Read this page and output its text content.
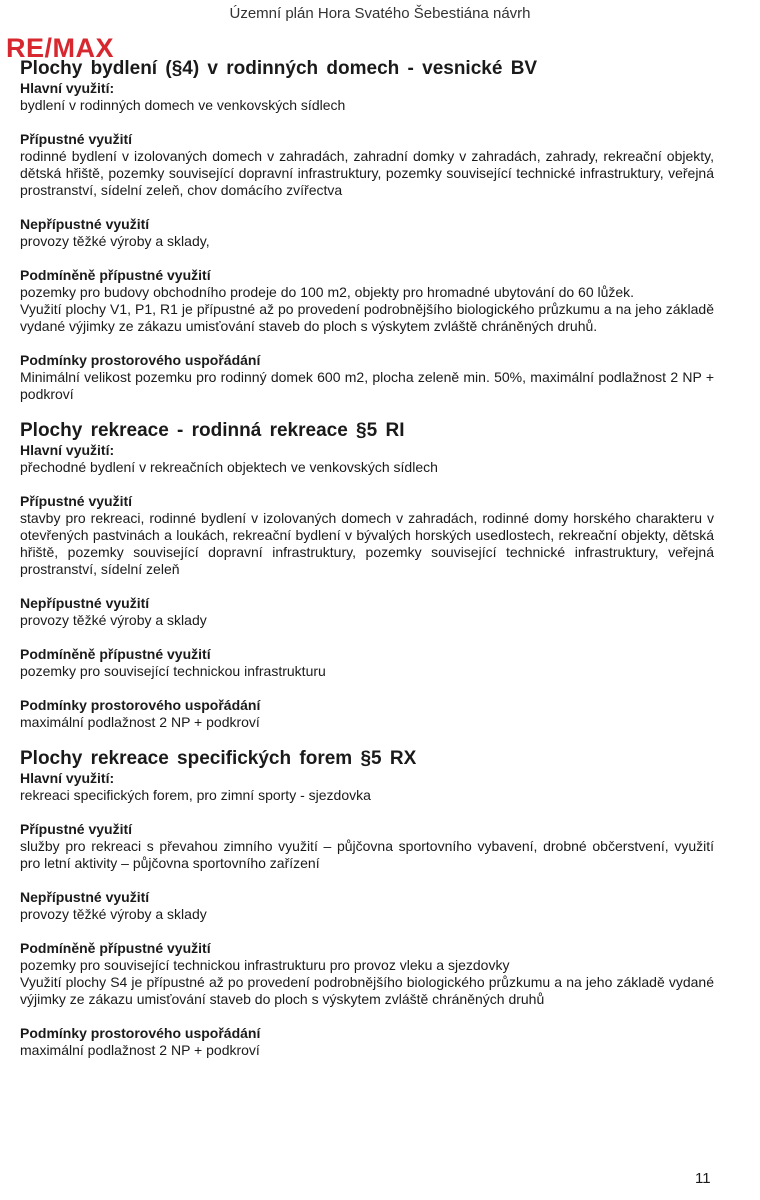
Územní plán Hora Svatého Šebestiána návrh
RE/MAX
Plochy bydlení (§4) v rodinných domech - vesnické BV
Hlavní využití:

bydlení v rodinných domech ve venkovských sídlech

Přípustné využití

rodinné bydlení v izolovaných domech v zahradách, zahradní domky v zahradách, zahrady, rekreační objekty, dětská hřiště, pozemky související dopravní infrastruktury, pozemky související technické infrastruktury, veřejná prostranství, sídelní zeleň, chov domácího zvířectva

Nepřípustné využití

provozy těžké výroby a sklady,

Podmíněně přípustné využití

pozemky pro budovy obchodního prodeje do 100 m2, objekty pro hromadné ubytování do 60 lůžek.

Využití plochy V1, P1, R1 je přípustné až po provedení podrobnějšího biologického průzkumu a na jeho základě vydané výjimky ze zákazu umisťování staveb do ploch s výskytem zvláště chráněných druhů.

Podmínky prostorového uspořádání

Minimální velikost pozemku pro rodinný domek 600 m2, plocha zeleně min. 50%, maximální podlažnost 2 NP + podkroví

Plochy rekreace - rodinná rekreace §5 RI
Hlavní využití:

přechodné bydlení v rekreačních objektech ve venkovských sídlech

Přípustné využití

stavby pro rekreaci, rodinné bydlení v izolovaných domech v zahradách, rodinné domy horského charakteru v otevřených pastvinách a loukách, rekreační bydlení v bývalých horských usedlostech, rekreační objekty, dětská hřiště, pozemky související dopravní infrastruktury, pozemky související technické infrastruktury, veřejná prostranství, sídelní zeleň

Nepřípustné využití

provozy těžké výroby a sklady

Podmíněně přípustné využití

pozemky pro související technickou infrastrukturu

Podmínky prostorového uspořádání

maximální podlažnost 2 NP + podkroví

Plochy rekreace specifických forem §5 RX
Hlavní využití:

rekreaci specifických forem, pro zimní sporty - sjezdovka

Přípustné využití

služby pro rekreaci s převahou zimního využití – půjčovna sportovního vybavení, drobné občerstvení, využití pro letní aktivity – půjčovna sportovního zařízení

Nepřípustné využití

provozy těžké výroby a sklady

Podmíněně přípustné využití

pozemky pro související technickou infrastrukturu pro provoz vleku a sjezdovky

Využití plochy S4 je přípustné až po provedení podrobnějšího biologického průzkumu a na jeho základě vydané výjimky ze zákazu umisťování staveb do ploch s výskytem zvláště chráněných druhů

Podmínky prostorového uspořádání

maximální podlažnost 2 NP + podkroví

11
